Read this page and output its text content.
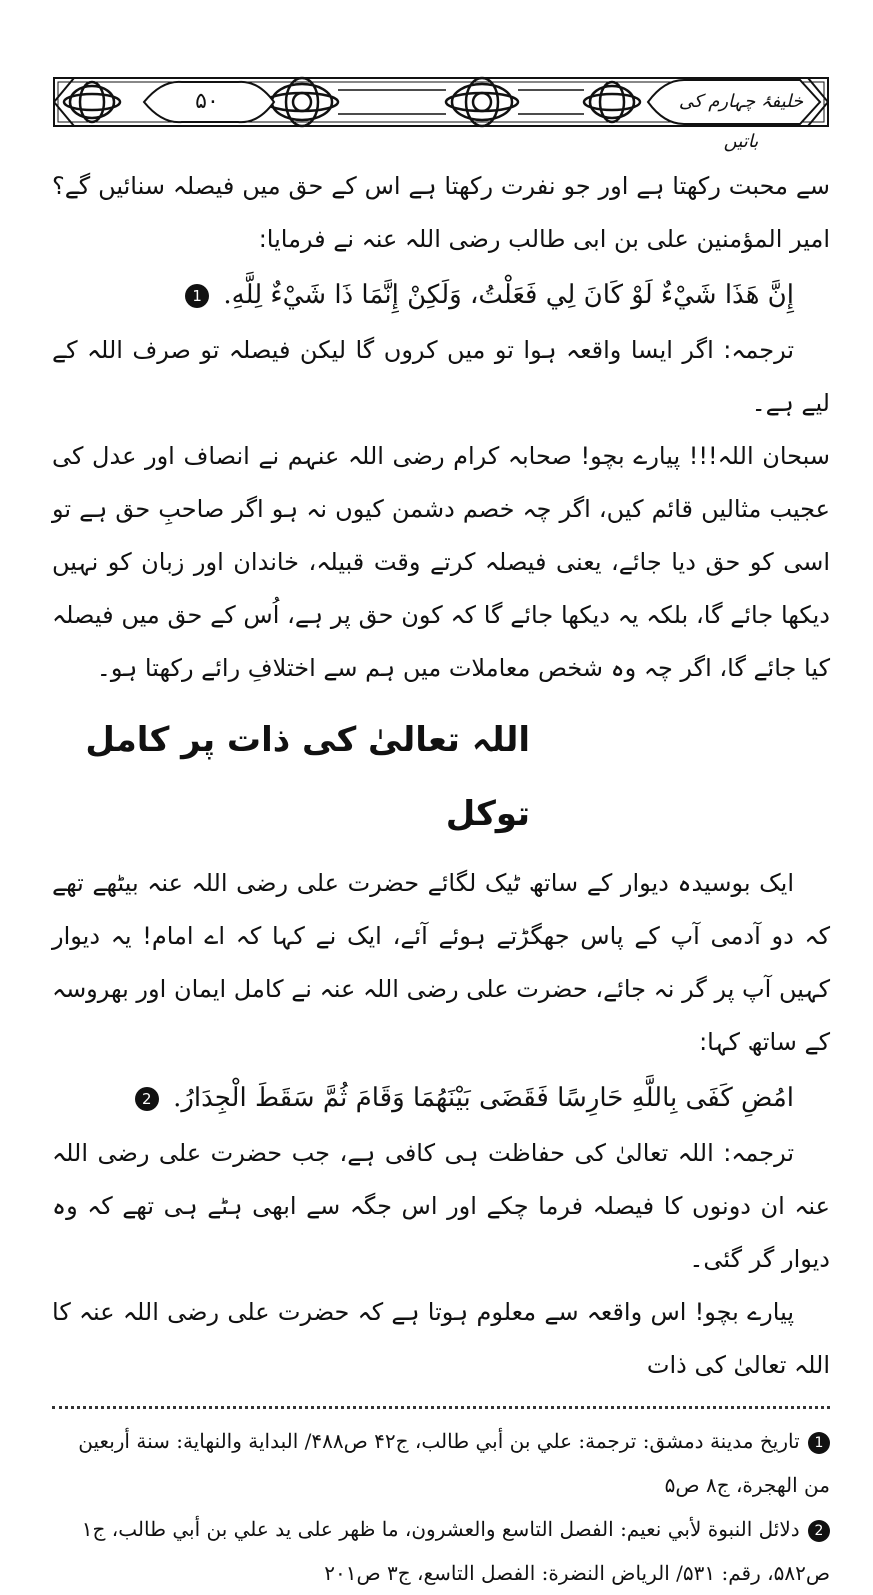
۵۰	خلیفۂ چہارم کی باتیں

سے محبت رکھتا ہے اور جو نفرت رکھتا ہے اس کے حق میں فیصلہ سنائیں گے؟ امیر المؤمنین علی بن ابی طالب رضی اللہ عنہ نے فرمایا:

إِنَّ هَذَا شَيْءٌ لَوْ كَانَ لِي فَعَلْتُ، وَلَكِنْ إِنَّمَا ذَا شَيْءٌ لِلَّهِ. 1

ترجمہ: اگر ایسا واقعہ ہوا تو میں کروں گا لیکن فیصلہ تو صرف اللہ کے لیے ہے۔

سبحان اللہ!!! پیارے بچو! صحابہ کرام رضی اللہ عنہم نے انصاف اور عدل کی عجیب مثالیں قائم کیں، اگر چہ خصم دشمن کیوں نہ ہو اگر صاحبِ حق ہے تو اسی کو حق دیا جائے، یعنی فیصلہ کرتے وقت قبیلہ، خاندان اور زبان کو نہیں دیکھا جائے گا، بلکہ یہ دیکھا جائے گا کہ کون حق پر ہے، اُس کے حق میں فیصلہ کیا جائے گا، اگر چہ وہ شخص معاملات میں ہم سے اختلافِ رائے رکھتا ہو۔

اللہ تعالیٰ کی ذات پر کامل توکل

ایک بوسیدہ دیوار کے ساتھ ٹیک لگائے حضرت علی رضی اللہ عنہ بیٹھے تھے کہ دو آدمی آپ کے پاس جھگڑتے ہوئے آئے، ایک نے کہا کہ اے امام! یہ دیوار کہیں آپ پر گر نہ جائے، حضرت علی رضی اللہ عنہ نے کامل ایمان اور بھروسہ کے ساتھ کہا:

امُضِ كَفَى بِاللَّهِ حَارِسًا فَقَضَى بَيْنَهُمَا وَقَامَ ثُمَّ سَقَطَ الْجِدَارُ. 2

ترجمہ: اللہ تعالیٰ کی حفاظت ہی کافی ہے، جب حضرت علی رضی اللہ عنہ ان دونوں کا فیصلہ فرما چکے اور اس جگہ سے ابھی ہٹے ہی تھے کہ وہ دیوار گر گئی۔

پیارے بچو! اس واقعہ سے معلوم ہوتا ہے کہ حضرت علی رضی اللہ عنہ کا اللہ تعالیٰ کی ذات

1 تاريخ مدينة دمشق: ترجمة: علي بن أبي طالب، ج۴۲ ص۴۸۸/ البداية والنهاية: سنة أربعين من الهجرة، ج۸ ص۵

2 دلائل النبوة لأبي نعيم: الفصل التاسع والعشرون، ما ظهر على يد علي بن أبي طالب، ج۱ ص۵۸۲، رقم: ۵۳۱/ الرياض النضرة: الفصل التاسع، ج۳ ص۲۰۱
